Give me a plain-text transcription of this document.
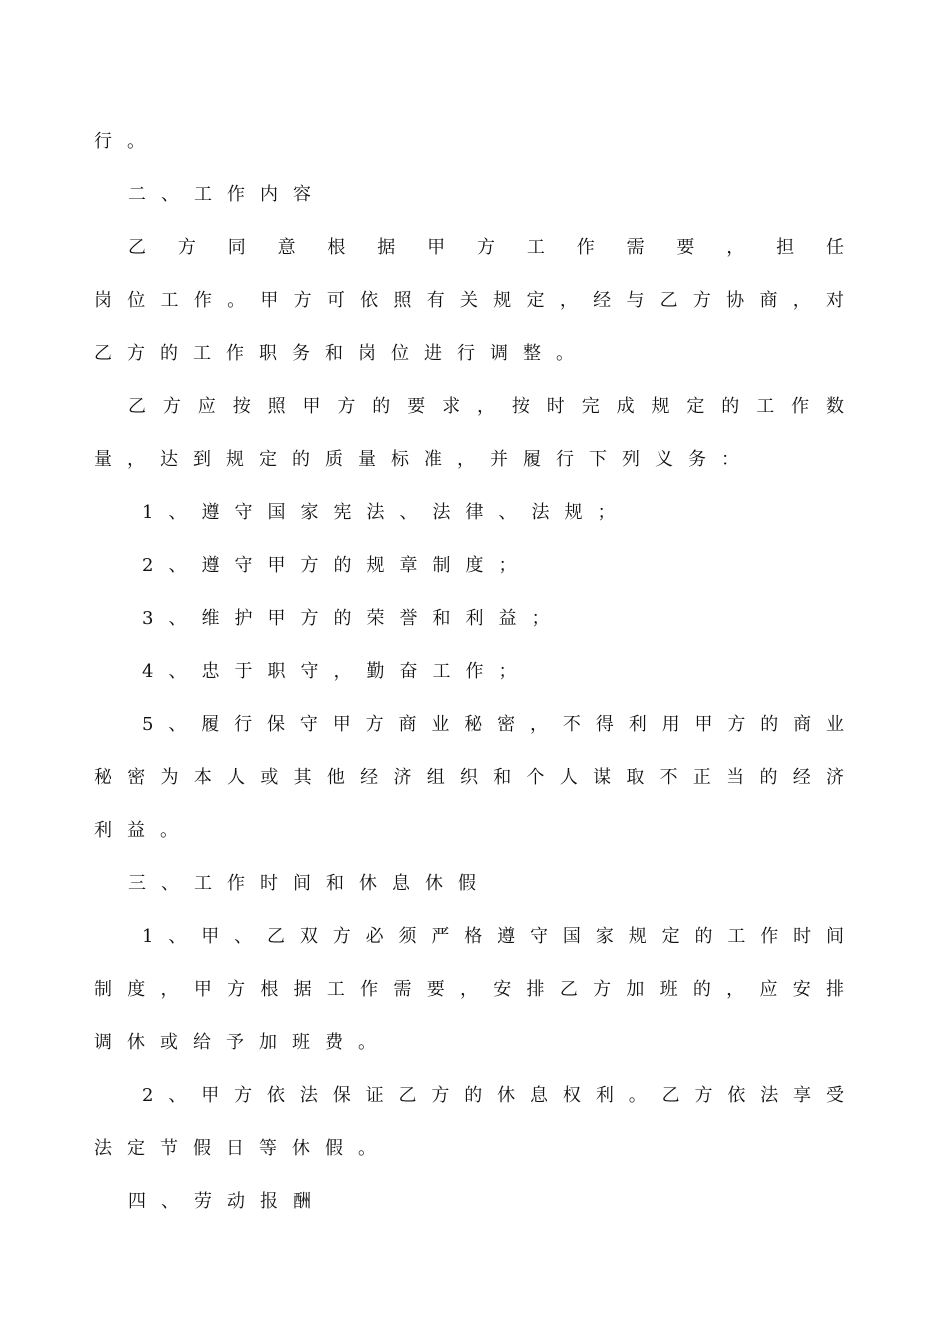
行。
二、工作内容
乙方同意根据甲方工作需要，担任
岗位工作。甲方可依照有关规定，经与乙方协商，对
乙方的工作职务和岗位进行调整。
乙方应按照甲方的要求，按时完成规定的工作数
量，达到规定的质量标准，并履行下列义务：
1、遵守国家宪法、法律、法规；
2、遵守甲方的规章制度；
3、维护甲方的荣誉和利益；
4、忠于职守，勤奋工作；
5、履行保守甲方商业秘密，不得利用甲方的商业
秘密为本人或其他经济组织和个人谋取不正当的经济
利益。
三、工作时间和休息休假
1、甲、乙双方必须严格遵守国家规定的工作时间
制度，甲方根据工作需要，安排乙方加班的，应安排
调休或给予加班费。
2、甲方依法保证乙方的休息权利。乙方依法享受
法定节假日等休假。
四、劳动报酬
